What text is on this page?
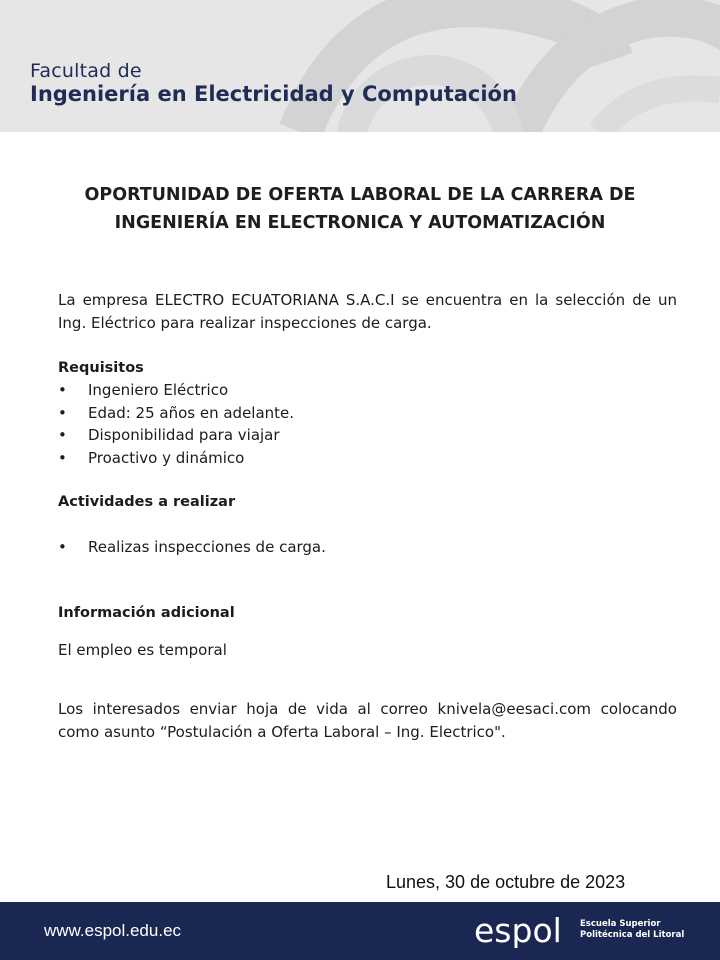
Facultad de
Ingeniería en Electricidad y Computación
OPORTUNIDAD DE OFERTA LABORAL DE LA CARRERA DE
INGENIERÍA EN ELECTRONICA Y AUTOMATIZACIÓN

La empresa ELECTRO ECUATORIANA S.A.C.I se encuentra en la selección de un Ing. Eléctrico para realizar inspecciones de carga.

Requisitos
• Ingeniero Eléctrico
• Edad: 25 años en adelante.
• Disponibilidad para viajar
• Proactivo y dinámico
Actividades a realizar
• Realizas inspecciones de carga.
Información adicional
El empleo es temporal

Los interesados enviar hoja de vida al correo knivela@eesaci.com colocando como asunto “Postulación a Oferta Laboral – Ing. Electrico".

Lunes, 30 de octubre de 2023
www.espol.edu.ec	espol Escuela Superior
Politécnica del Litoral
